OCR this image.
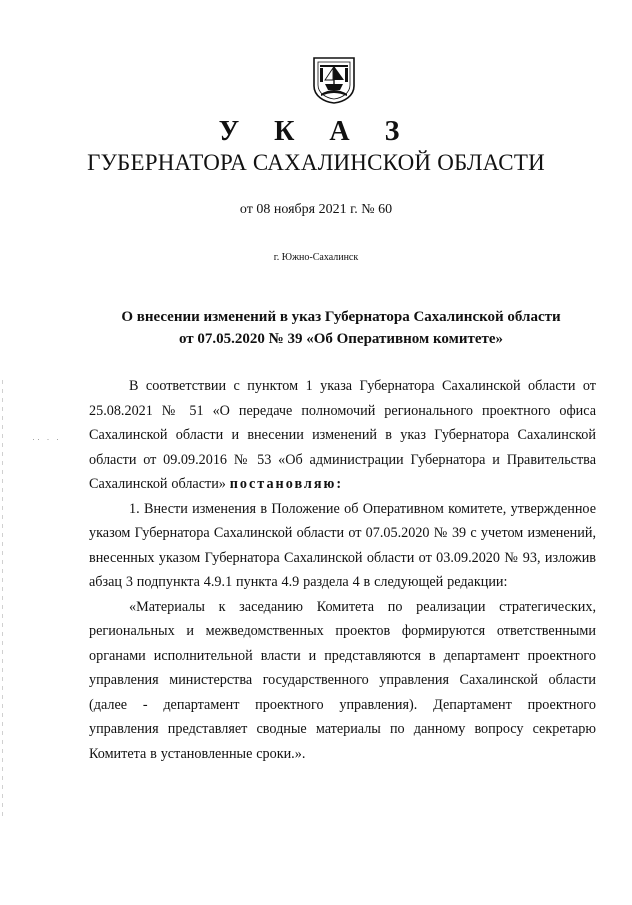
·· · ·
У К А З
ГУБЕРНАТОРА САХАЛИНСКОЙ ОБЛАСТИ
от 08 ноября 2021 г. № 60
г. Южно-Сахалинск
О внесении изменений в указ Губернатора Сахалинской области
от 07.05.2020 № 39 «Об Оперативном комитете»

В соответствии с пунктом 1 указа Губернатора Сахалинской области от 25.08.2021 № 51 «О передаче полномочий регионального проектного офиса Сахалинской области и внесении изменений в указ Губернатора Сахалинской области от 09.09.2016 № 53 «Об администрации Губернатора и Правительства Сахалинской области» постановляю:

1. Внести изменения в Положение об Оперативном комитете, утвержденное указом Губернатора Сахалинской области от 07.05.2020 № 39 с учетом изменений, внесенных указом Губернатора Сахалинской области от 03.09.2020 № 93, изложив абзац 3 подпункта 4.9.1 пункта 4.9 раздела 4 в следующей редакции:

«Материалы к заседанию Комитета по реализации стратегических, региональных и межведомственных проектов формируются ответственными органами исполнительной власти и представляются в департамент проектного управления министерства государственного управления Сахалинской области (далее - департамент проектного управления). Департамент проектного управления представляет сводные материалы по данному вопросу секретарю Комитета в установленные сроки.».
